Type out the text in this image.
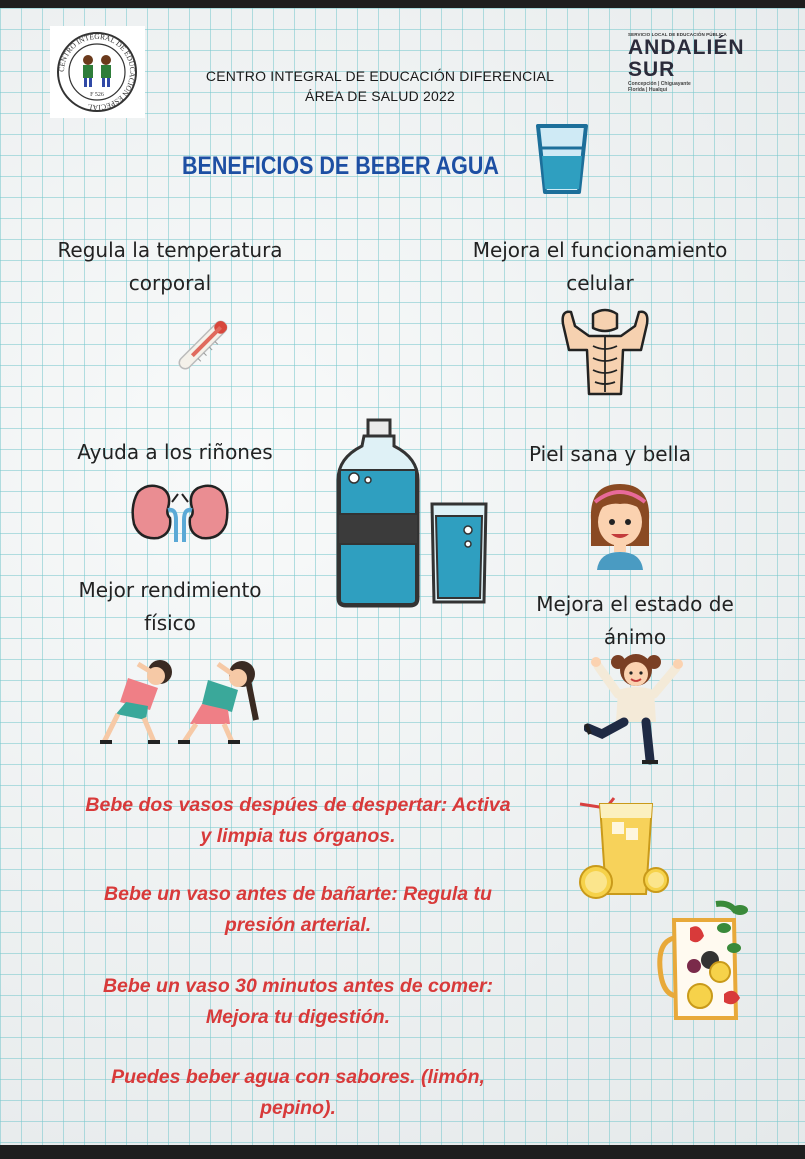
CENTRO INTEGRAL DE EDUCACION ESPECIAL
F 526
CENTRO INTEGRAL DE EDUCACIÓN DIFERENCIAL
ÁREA DE SALUD 2022
SERVICIO LOCAL DE EDUCACIÓN PÚBLICA
ANDALIÉN
SUR
Concepción | Chiguayante
Florida | Hualqui
BENEFICIOS DE BEBER AGUA
Regula la temperatura
corporal
Mejora el funcionamiento
celular
Ayuda a los riñones	Piel sana y bella
Mejor rendimiento
físico
Mejora el estado de
ánimo
Bebe dos vasos despúes de despertar: Activa
y limpia tus órganos.
Bebe un vaso antes de bañarte: Regula tu
presión arterial.
Bebe un vaso 30 minutos antes de comer:
Mejora tu digestión.
Puedes beber agua con sabores. (limón,
pepino).
